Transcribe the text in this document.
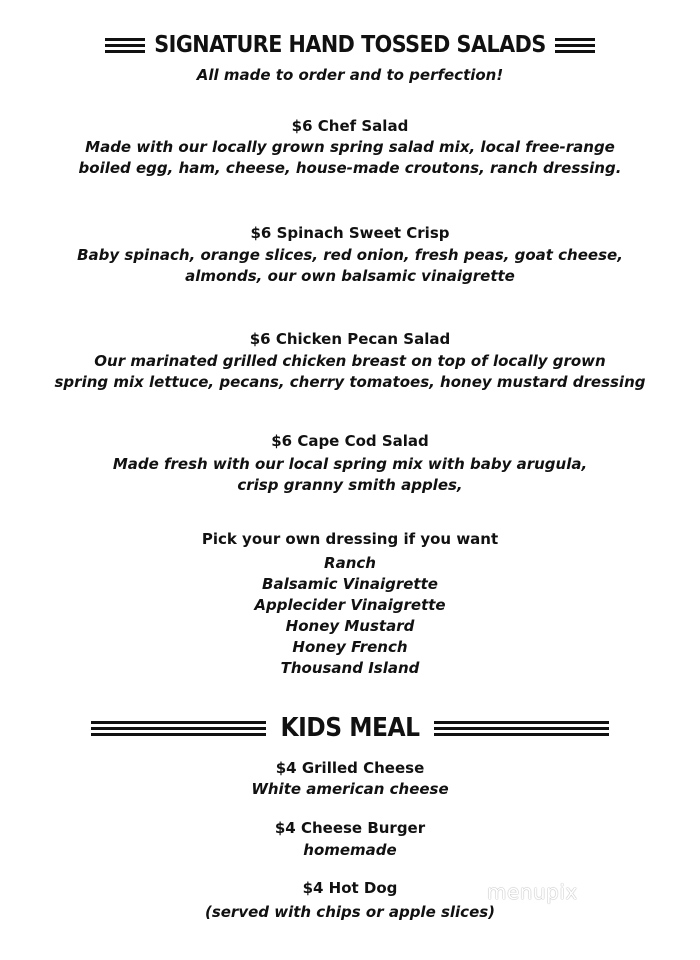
SIGNATURE HAND TOSSED SALADS
All made to order and to perfection!
$6 Chef Salad
Made with our locally grown spring salad mix, local free-range
boiled egg, ham, cheese, house-made croutons, ranch dressing.
$6 Spinach Sweet Crisp
Baby spinach, orange slices, red onion, fresh peas, goat cheese,
almonds, our own balsamic vinaigrette
$6 Chicken Pecan Salad
Our marinated grilled chicken breast on top of locally grown
spring mix lettuce, pecans, cherry tomatoes, honey mustard dressing
$6 Cape Cod Salad
Made fresh with our local spring mix with baby arugula,
crisp granny smith apples,
Pick your own dressing if you want
Ranch
Balsamic Vinaigrette
Applecider Vinaigrette
Honey Mustard
Honey French
Thousand Island
KIDS MEAL
$4 Grilled Cheese
White american cheese
$4 Cheese Burger
homemade
$4 Hot Dog
(served with chips or apple slices)
menupix
